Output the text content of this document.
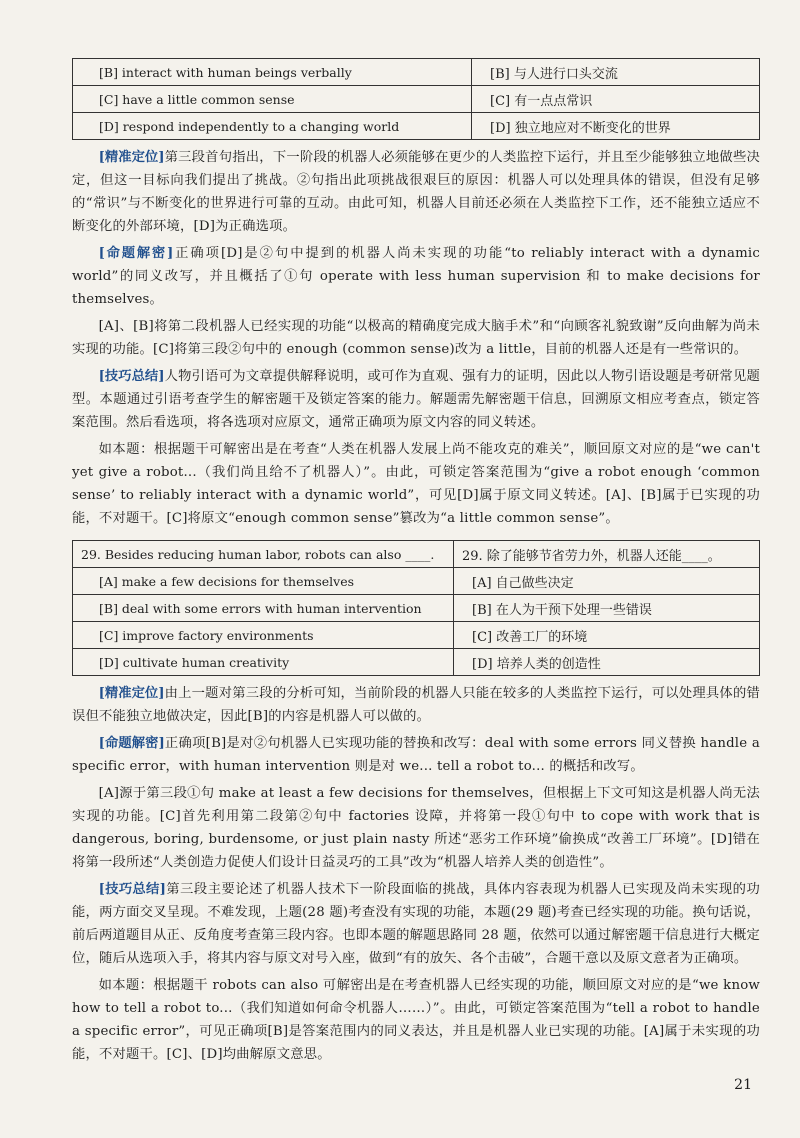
[B] interact with human beings verbally	[B] 与人进行口头交流
[C] have a little common sense	[C] 有一点点常识
[D] respond independently to a changing world	[D] 独立地应对不断变化的世界

[精准定位]第三段首句指出，下一阶段的机器人必须能够在更少的人类监控下运行，并且至少能够独立地做些决定，但这一目标向我们提出了挑战。②句指出此项挑战很艰巨的原因：机器人可以处理具体的错误，但没有足够的“常识”与不断变化的世界进行可靠的互动。由此可知，机器人目前还必须在人类监控下工作，还不能独立适应不断变化的外部环境，[D]为正确选项。

[命题解密]正确项[D]是②句中提到的机器人尚未实现的功能“to reliably interact with a dynamic world”的同义改写，并且概括了①句 operate with less human supervision 和 to make decisions for themselves。

[A]、[B]将第二段机器人已经实现的功能“以极高的精确度完成大脑手术”和“向顾客礼貌致谢”反向曲解为尚未实现的功能。[C]将第三段②句中的 enough (common sense)改为 a little，目前的机器人还是有一些常识的。

[技巧总结]人物引语可为文章提供解释说明，或可作为直观、强有力的证明，因此以人物引语设题是考研常见题型。本题通过引语考查学生的解密题干及锁定答案的能力。解题需先解密题干信息，回溯原文相应考查点，锁定答案范围。然后看选项，将各选项对应原文，通常正确项为原文内容的同义转述。

如本题：根据题干可解密出是在考查“人类在机器人发展上尚不能攻克的难关”，顺回原文对应的是“we can't yet give a robot...（我们尚且给不了机器人）”。由此，可锁定答案范围为“give a robot enough ‘common sense’ to reliably interact with a dynamic world”，可见[D]属于原文同义转述。[A]、[B]属于已实现的功能，不对题干。[C]将原文“enough common sense”篡改为“a little common sense”。

29. Besides reducing human labor, robots can also ____.	29. 除了能够节省劳力外，机器人还能____。
[A] make a few decisions for themselves	[A] 自己做些决定
[B] deal with some errors with human intervention	[B] 在人为干预下处理一些错误
[C] improve factory environments	[C] 改善工厂的环境
[D] cultivate human creativity	[D] 培养人类的创造性

[精准定位]由上一题对第三段的分析可知，当前阶段的机器人只能在较多的人类监控下运行，可以处理具体的错误但不能独立地做决定，因此[B]的内容是机器人可以做的。

[命题解密]正确项[B]是对②句机器人已实现功能的替换和改写：deal with some errors 同义替换 handle a specific error，with human intervention 则是对 we... tell a robot to... 的概括和改写。

[A]源于第三段①句 make at least a few decisions for themselves，但根据上下文可知这是机器人尚无法实现的功能。[C]首先利用第二段第②句中 factories 设障，并将第一段①句中 to cope with work that is dangerous, boring, burdensome, or just plain nasty 所述“恶劣工作环境”偷换成“改善工厂环境”。[D]错在将第一段所述“人类创造力促使人们设计日益灵巧的工具”改为“机器人培养人类的创造性”。

[技巧总结]第三段主要论述了机器人技术下一阶段面临的挑战，具体内容表现为机器人已实现及尚未实现的功能，两方面交叉呈现。不难发现，上题(28 题)考查没有实现的功能，本题(29 题)考查已经实现的功能。换句话说，前后两道题目从正、反角度考查第三段内容。也即本题的解题思路同 28 题，依然可以通过解密题干信息进行大概定位，随后从选项入手，将其内容与原文对号入座，做到“有的放矢、各个击破”，合题干意以及原文意者为正确项。

如本题：根据题干 robots can also 可解密出是在考查机器人已经实现的功能，顺回原文对应的是“we know how to tell a robot to...（我们知道如何命令机器人……）”。由此，可锁定答案范围为“tell a robot to handle a specific error”，可见正确项[B]是答案范围内的同义表达，并且是机器人业已实现的功能。[A]属于未实现的功能，不对题干。[C]、[D]均曲解原文意思。

21
